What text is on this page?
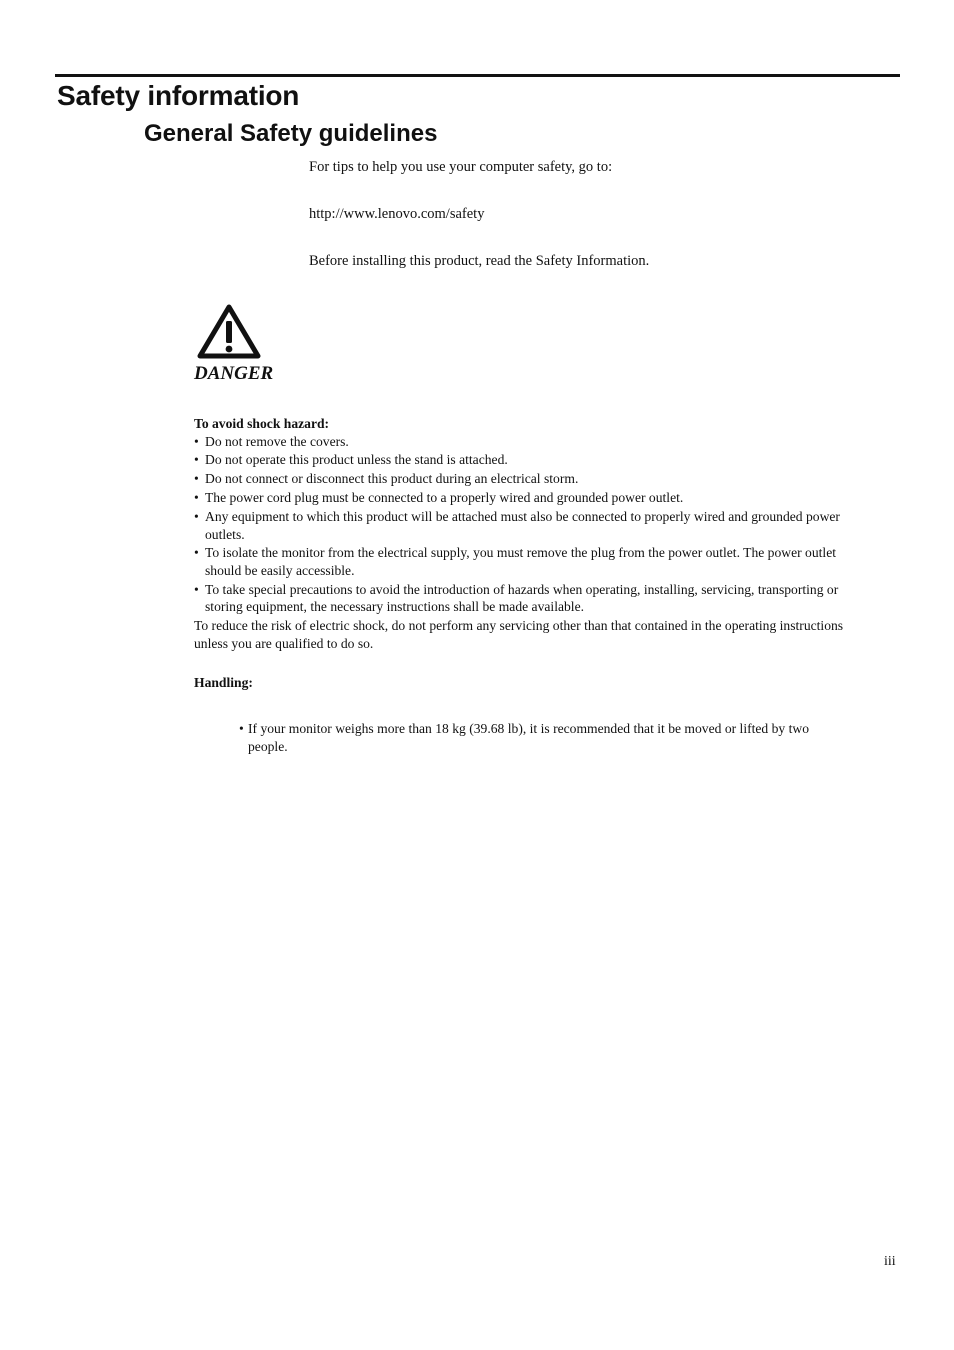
Safety information
General Safety guidelines
For tips to help you use your computer safety, go to:
http://www.lenovo.com/safety
Before installing this product, read the Safety Information.
DANGER

To avoid shock hazard:

• Do not remove the covers.
• Do not operate this product unless the stand is attached.
• Do not connect or disconnect this product during an electrical storm.
• The power cord plug must be connected to a properly wired and grounded power outlet.
• Any equipment to which this product will be attached must also be connected to properly wired and grounded power outlets.
• To isolate the monitor from the electrical supply, you must remove the plug from the power outlet. The power outlet should be easily accessible.
• To take special precautions to avoid the introduction of hazards when operating, installing, servicing, transporting or storing equipment, the necessary instructions shall be made available.

To reduce the risk of electric shock, do not perform any servicing other than that contained in the operating instructions unless you are qualified to do so.

Handling:
• If your monitor weighs more than 18 kg (39.68 lb), it is recommended that it be moved or lifted by two people.
iii
